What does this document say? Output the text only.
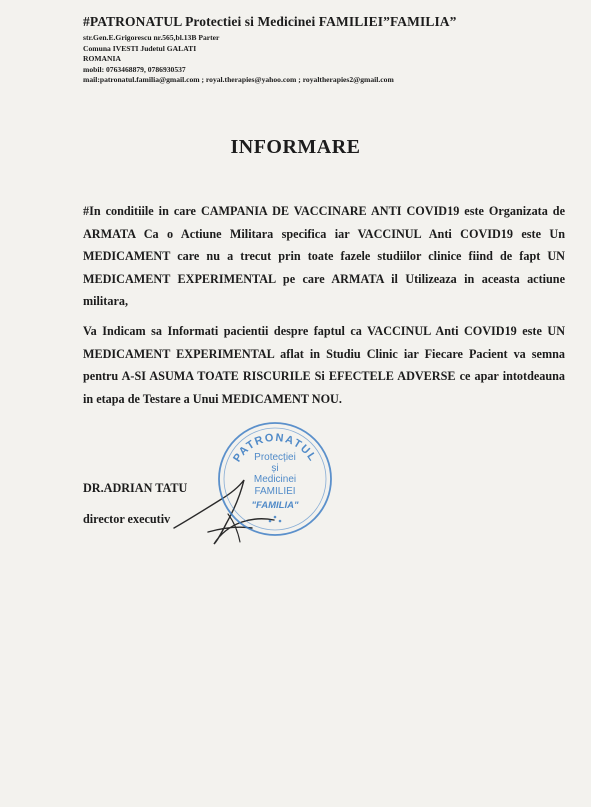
#PATRONATUL Protectiei si Medicinei FAMILIEI”FAMILIA”
str.Gen.E.Grigorescu nr.565,bl.13B Parter
Comuna IVESTI Judetul GALATI
ROMANIA
mobil: 0763468879, 0786930537
mail:patronatul.familia@gmail.com ; royal.therapies@yahoo.com ; royaltherapies2@gmail.com
INFORMARE
#In conditiile in care CAMPANIA DE VACCINARE ANTI COVID19 este Organizata de ARMATA Ca o Actiune Militara specifica iar VACCINUL Anti COVID19 este Un MEDICAMENT care nu a trecut prin toate fazele studiilor clinice fiind de fapt UN MEDICAMENT EXPERIMENTAL pe care ARMATA il Utilizeaza in aceasta actiune militara,
Va Indicam sa Informati pacientii despre faptul ca VACCINUL Anti COVID19 este UN MEDICAMENT EXPERIMENTAL aflat in Studiu Clinic iar Fiecare Pacient va semna pentru A-SI ASUMA TOATE RISCURILE Si EFECTELE ADVERSE ce apar intotdeauna in etapa de Testare a Unui MEDICAMENT NOU.
DR.ADRIAN TATU
director executiv
PATRONATUL
Protecției
și
Medicinei
FAMILIEI
"FAMILIA"
